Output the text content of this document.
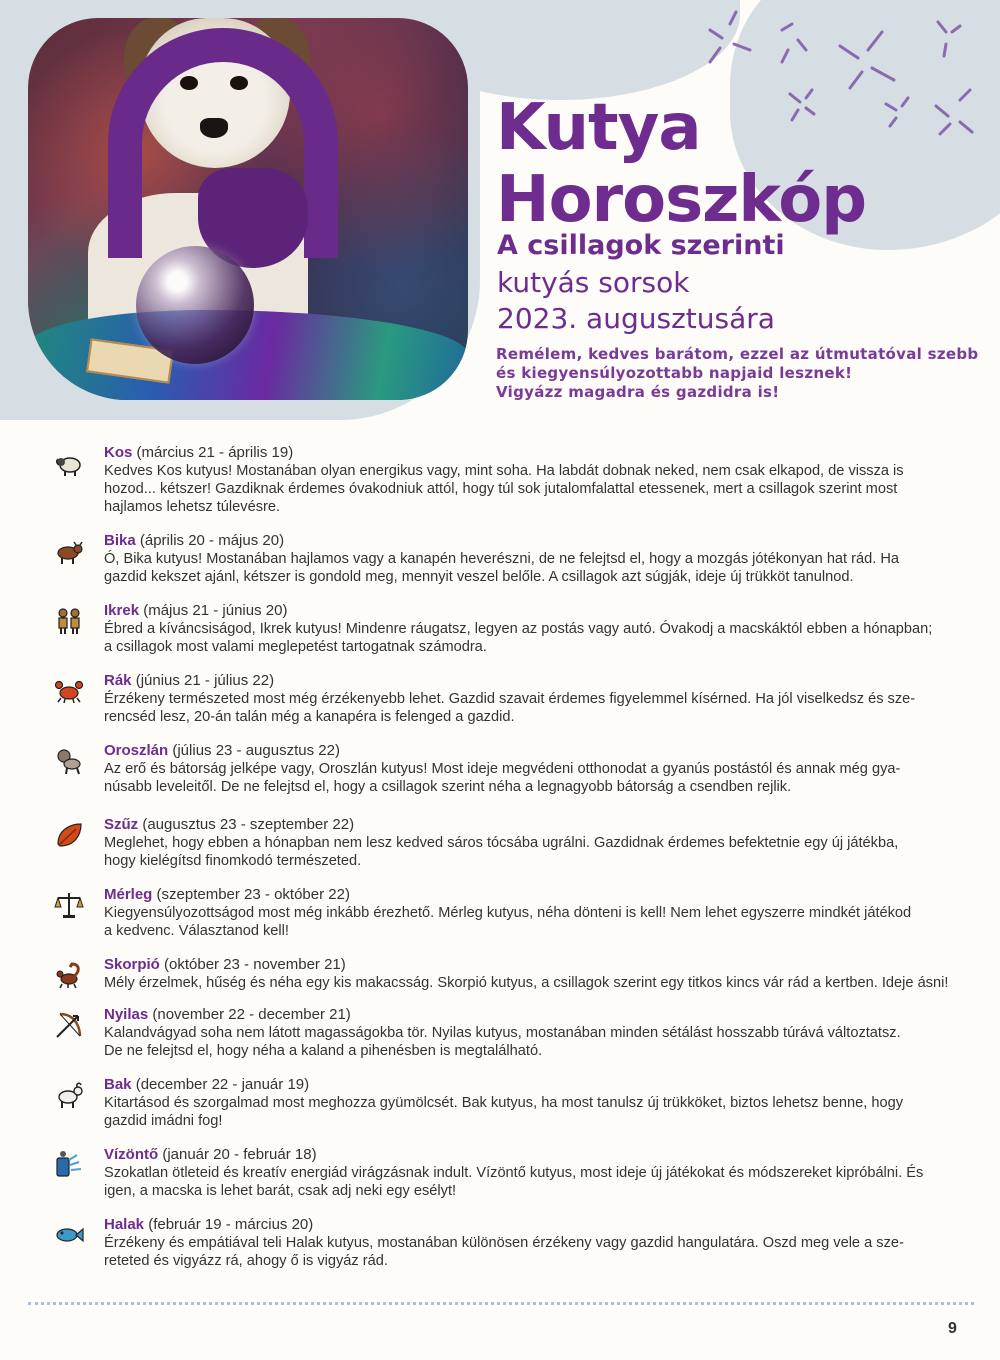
Kutya
Horoszkóp
A csillagok szerinti
kutyás sorsok
2023. augusztusára
Remélem, kedves barátom, ezzel az útmutatóval szebb
és kiegyensúlyozottabb napjaid lesznek!
Vigyázz magadra és gazdidra is!
Kos (március 21 - április 19)
Kedves Kos kutyus! Mostanában olyan energikus vagy, mint soha. Ha labdát dobnak neked, nem csak elkapod, de vissza is
hozod... kétszer! Gazdiknak érdemes óvakodniuk attól, hogy túl sok jutalomfalattal etessenek, mert a csillagok szerint most
hajlamos lehetsz túlevésre.
Bika (április 20 - május 20)
Ó, Bika kutyus! Mostanában hajlamos vagy a kanapén heverészni, de ne felejtsd el, hogy a mozgás jótékonyan hat rád. Ha
gazdid kekszet ajánl, kétszer is gondold meg, mennyit veszel belőle. A csillagok azt súgják, ideje új trükköt tanulnod.
Ikrek (május 21 - június 20)
Ébred a kíváncsiságod, Ikrek kutyus! Mindenre ráugatsz, legyen az postás vagy autó. Óvakodj a macskáktól ebben a hónapban;
a csillagok most valami meglepetést tartogatnak számodra.
Rák (június 21 - július 22)
Érzékeny természeted most még érzékenyebb lehet. Gazdid szavait érdemes figyelemmel kísérned. Ha jól viselkedsz és sze-
rencséd lesz, 20-án talán még a kanapéra is felenged a gazdid.
Oroszlán (július 23 - augusztus 22)
Az erő és bátorság jelképe vagy, Oroszlán kutyus! Most ideje megvédeni otthonodat a gyanús postástól és annak még gya-
núsabb leveleitől. De ne felejtsd el, hogy a csillagok szerint néha a legnagyobb bátorság a csendben rejlik.
Szűz (augusztus 23 - szeptember 22)
Meglehet, hogy ebben a hónapban nem lesz kedved sáros tócsába ugrálni. Gazdidnak érdemes befektetnie egy új játékba,
hogy kielégítsd finomkodó természeted.
Mérleg (szeptember 23 - október 22)
Kiegyensúlyozottságod most még inkább érezhető. Mérleg kutyus, néha dönteni is kell! Nem lehet egyszerre mindkét játékod
a kedvenc. Választanod kell!
Skorpió (október 23 - november 21)
Mély érzelmek, hűség és néha egy kis makacsság. Skorpió kutyus, a csillagok szerint egy titkos kincs vár rád a kertben. Ideje ásni!
Nyilas (november 22 - december 21)
Kalandvágyad soha nem látott magasságokba tör. Nyilas kutyus, mostanában minden sétálást hosszabb túrává változtatsz.
De ne felejtsd el, hogy néha a kaland a pihenésben is megtalálható.
Bak (december 22 - január 19)
Kitartásod és szorgalmad most meghozza gyümölcsét. Bak kutyus, ha most tanulsz új trükköket, biztos lehetsz benne, hogy
gazdid imádni fog!
Vízöntő (január 20 - február 18)
Szokatlan ötleteid és kreatív energiád virágzásnak indult. Vízöntő kutyus, most ideje új játékokat és módszereket kipróbálni. És
igen, a macska is lehet barát, csak adj neki egy esélyt!
Halak (február 19 - március 20)
Érzékeny és empátiával teli Halak kutyus, mostanában különösen érzékeny vagy gazdid hangulatára. Oszd meg vele a sze-
reteted és vigyázz rá, ahogy ő is vigyáz rád.
9
